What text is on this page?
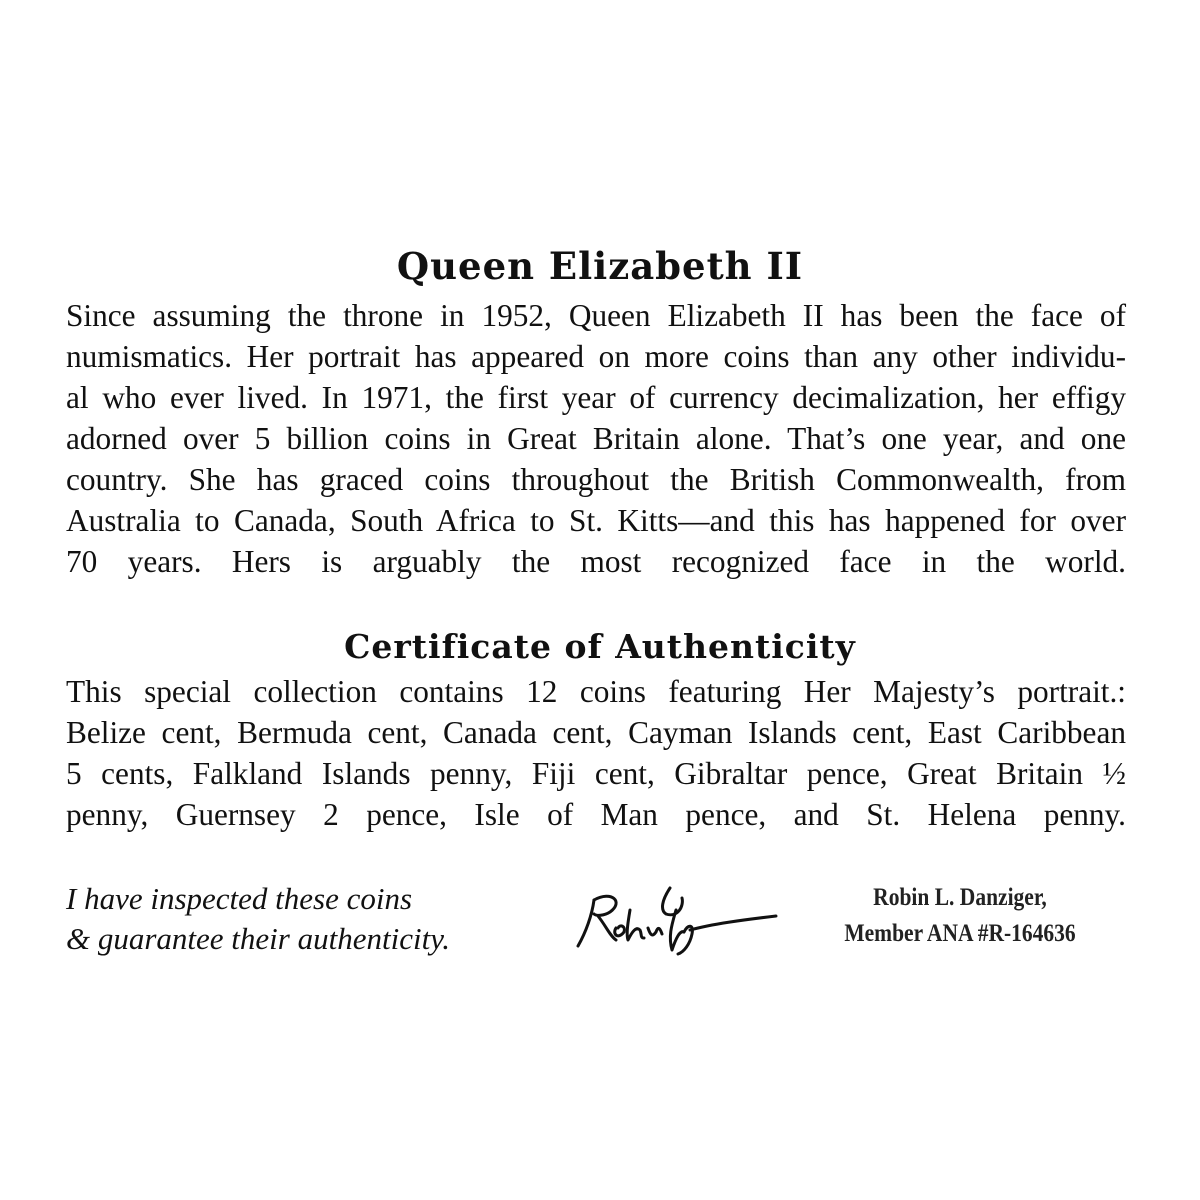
Queen Elizabeth II
Since assuming the throne in 1952, Queen Elizabeth II has been the face of
numismatics. Her portrait has appeared on more coins than any other individu-
al who ever lived. In 1971, the first year of currency decimalization, her effigy
adorned over 5 billion coins in Great Britain alone. That’s one year, and one
country. She has graced coins throughout the British Commonwealth, from
Australia to Canada, South Africa to St. Kitts—and this has happened for over
70 years. Hers is arguably the most recognized face in the world.
Certificate of Authenticity
This special collection contains 12 coins featuring Her Majesty’s portrait.:
Belize cent, Bermuda cent, Canada cent, Cayman Islands cent, East Caribbean
5 cents, Falkland Islands penny, Fiji cent, Gibraltar pence, Great Britain ½
penny, Guernsey 2 pence, Isle of Man pence, and St. Helena penny.
I have inspected these coins
& guarantee their authenticity.
Robin L. Danziger,
Member ANA #R-164636
